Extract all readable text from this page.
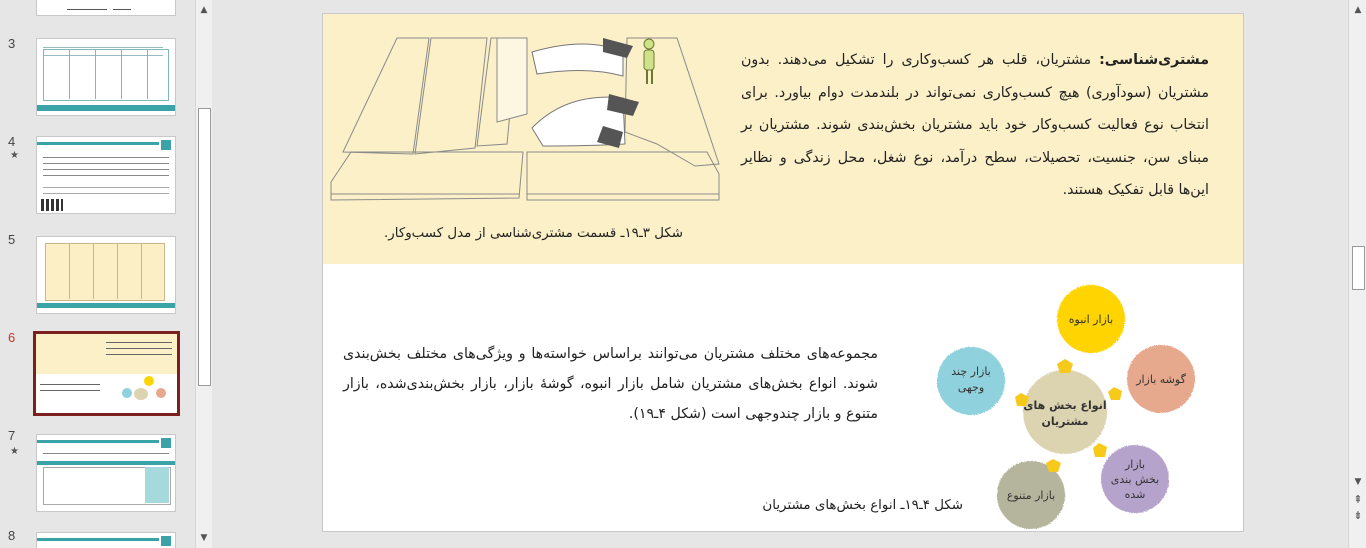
3
4
★
5
6
7
★
8
▲
▼
مشتری‌شناسی: مشتریان، قلب هر کسب‌وکاری را تشکیل می‌دهند. بدون مشتریان (سودآوری) هیچ کسب‌وکاری نمی‌تواند در بلندمدت دوام بیاورد. برای انتخاب نوع فعالیت کسب‌وکار خود باید مشتریان بخش‌بندی شوند. مشتریان بر مبنای سن، جنسیت، تحصیلات، سطح درآمد، نوع شغل، محل زندگی و نظایر این‌ها قابل تفکیک هستند.
شکل ۳ـ۱۹ـ قسمت مشتری‌شناسی از مدل کسب‌وکار.
مجموعه‌های مختلف مشتریان می‌توانند براساس خواسته‌ها و ویژگی‌های مختلف بخش‌بندی شوند. انواع بخش‌های مشتریان شامل بازار انبوه، گوشهٔ بازار، بازار بخش‌بندی‌شده، بازار متنوع و بازار چندوجهی است (شکل ۴ـ۱۹).
بازار انبوه
گوشه بازار
بازار
بخش بندی
شده
بازار متنوع
بازار چند
وجهی
انواع بخش های
مشتریان
شکل ۴ـ۱۹ـ انواع بخش‌های مشتریان
▲
▼
⇞
⇟
